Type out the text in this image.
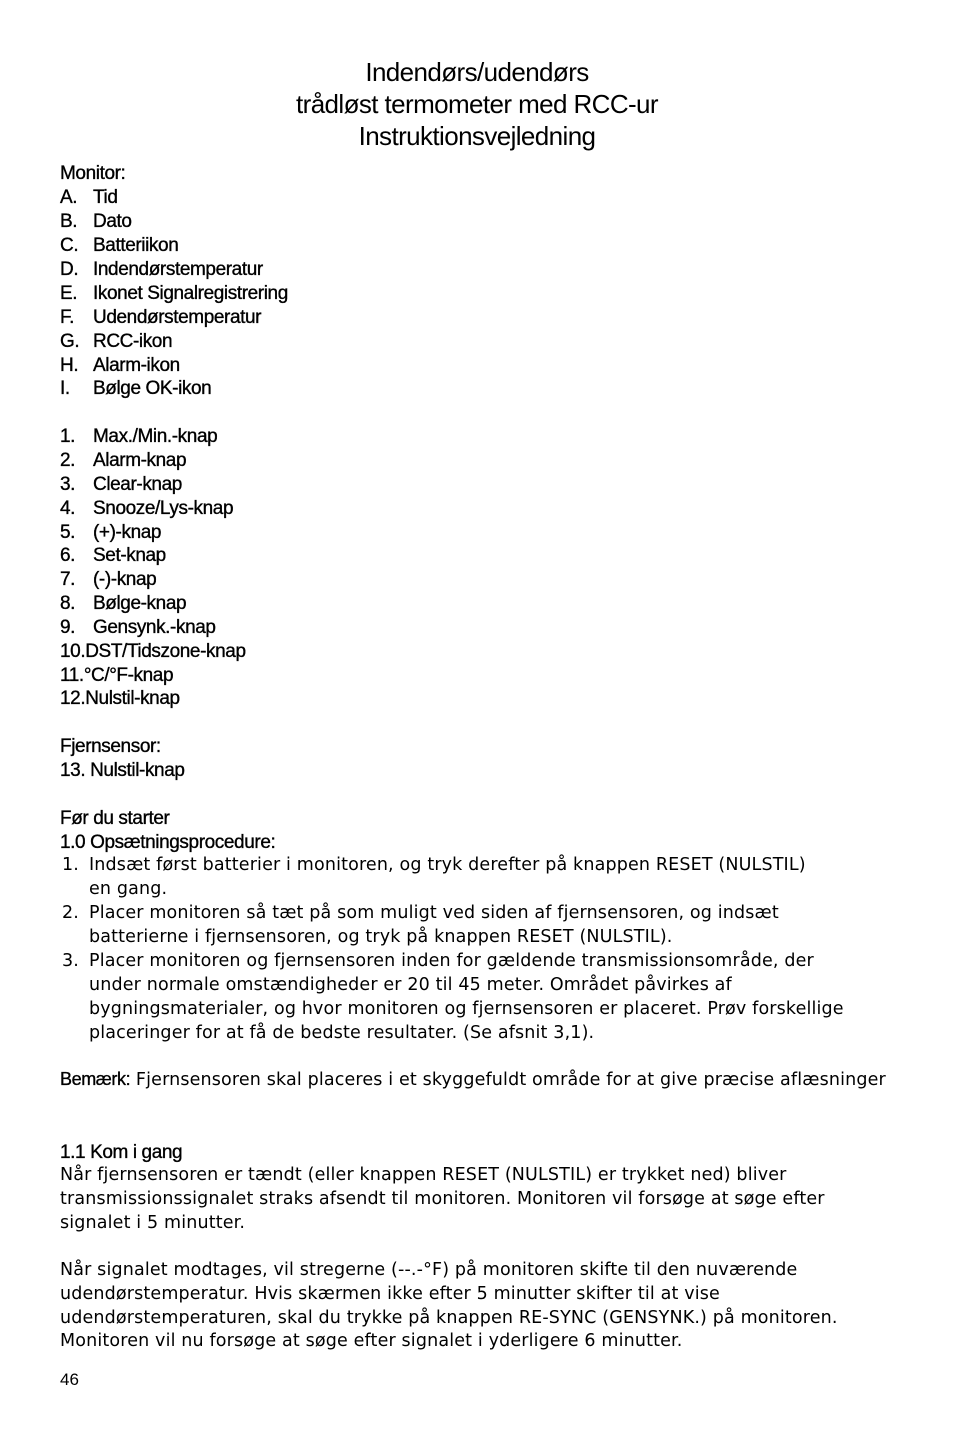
Indendørs/udendørs
trådløst termometer med RCC-ur
Instruktionsvejledning
Monitor:
A. Tid
B. Dato
C. Batteriikon
D. Indendørstemperatur
E. Ikonet Signalregistrering
F. Udendørstemperatur
G. RCC-ikon
H. Alarm-ikon
I. Bølge OK-ikon
1. Max./Min.-knap
2. Alarm-knap
3. Clear-knap
4. Snooze/Lys-knap
5. (+)-knap
6. Set-knap
7. (-)-knap
8. Bølge-knap
9. Gensynk.-knap
10.DST/Tidszone-knap
11.°C/°F-knap
12.Nulstil-knap
Fjernsensor:
13. Nulstil-knap
Før du starter
1.0 Opsætningsprocedure:
1. Indsæt først batterier i monitoren, og tryk derefter på knappen RESET (NULSTIL)
en gang.
2. Placer monitoren så tæt på som muligt ved siden af fjernsensoren, og indsæt
batterierne i fjernsensoren, og tryk på knappen RESET (NULSTIL).
3. Placer monitoren og fjernsensoren inden for gældende transmissionsområde, der
under normale omstændigheder er 20 til 45 meter. Området påvirkes af bygningsmaterialer, og hvor monitoren og fjernsensoren er placeret. Prøv forskellige placeringer for at få de bedste resultater. (Se afsnit 3,1).
Bemærk: Fjernsensoren skal placeres i et skyggefuldt område for at give præcise aflæsninger
1.1 Kom i gang
Når fjernsensoren er tændt (eller knappen RESET (NULSTIL) er trykket ned) bliver transmissionssignalet straks afsendt til monitoren. Monitoren vil forsøge at søge efter signalet i 5 minutter.
Når signalet modtages, vil stregerne (--.-°F) på monitoren skifte til den nuværende udendørstemperatur. Hvis skærmen ikke efter 5 minutter skifter til at vise udendørstemperaturen, skal du trykke på knappen RE-SYNC (GENSYNK.) på monitoren. Monitoren vil nu forsøge at søge efter signalet i yderligere 6 minutter.
46
